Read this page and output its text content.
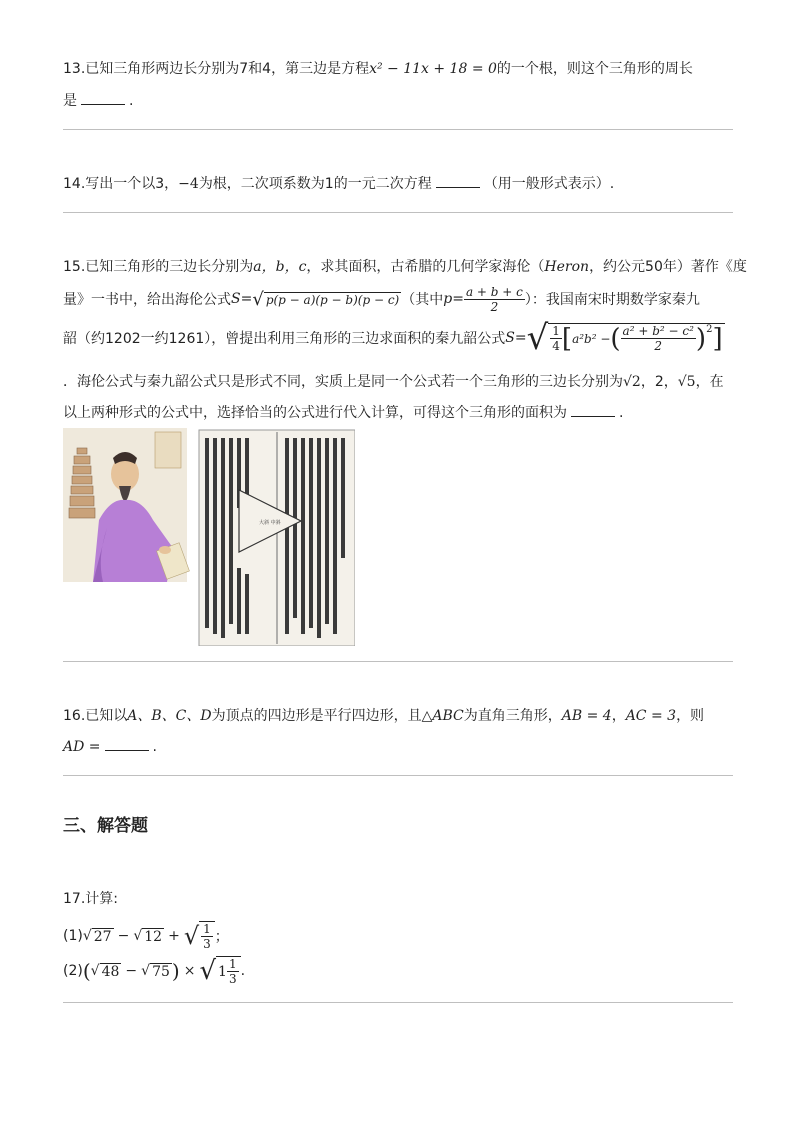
13.已知三角形两边长分别为7和4，第三边是方程x² − 11x + 18 = 0的一个根，则这个三角形的周长
是	.
14.写出一个以3，−4为根，二次项系数为1的一元二次方程	（用一般形式表示）.
15.已知三角形的三边长分别为a，b，c，求其面积，古希腊的几何学家海伦（Heron，约公元50年）著作《度
量》一书中，给出海伦公式 S= √ p(p − a)(p − b)(p − c) （其中 $p= \frac{a + b + c}{2}$ ）：我国南宋时期数学家秦九
韶（约1202一约1261），曾提出利用三角形的三边求面积的秦九韶公式 S= √ $\frac{1}{4}$ [ a²b² − ( $\frac{\text{a² + b² − c²}}{2} )^2$ ]
．海伦公式与秦九韶公式只是形式不同，实质上是同一个公式若一个三角形的三边长分别为√2，2，√5，在
以上两种形式的公式中，选择恰当的公式进行代入计算，可得这个三角形的面积为	.
大斜 中斜
16.已知以A、B、C、D为顶点的四边形是平行四边形，且△ABC为直角三角形，AB = 4，AC = 3，则
AD =	.
三、解答题
17.计算:
(1) √ 27 − √ 12 + √ $\frac{1}{3}$ ；
(2) ( √ 48 − √ 75 ) × √ $1 \frac{1}{3}$ .
